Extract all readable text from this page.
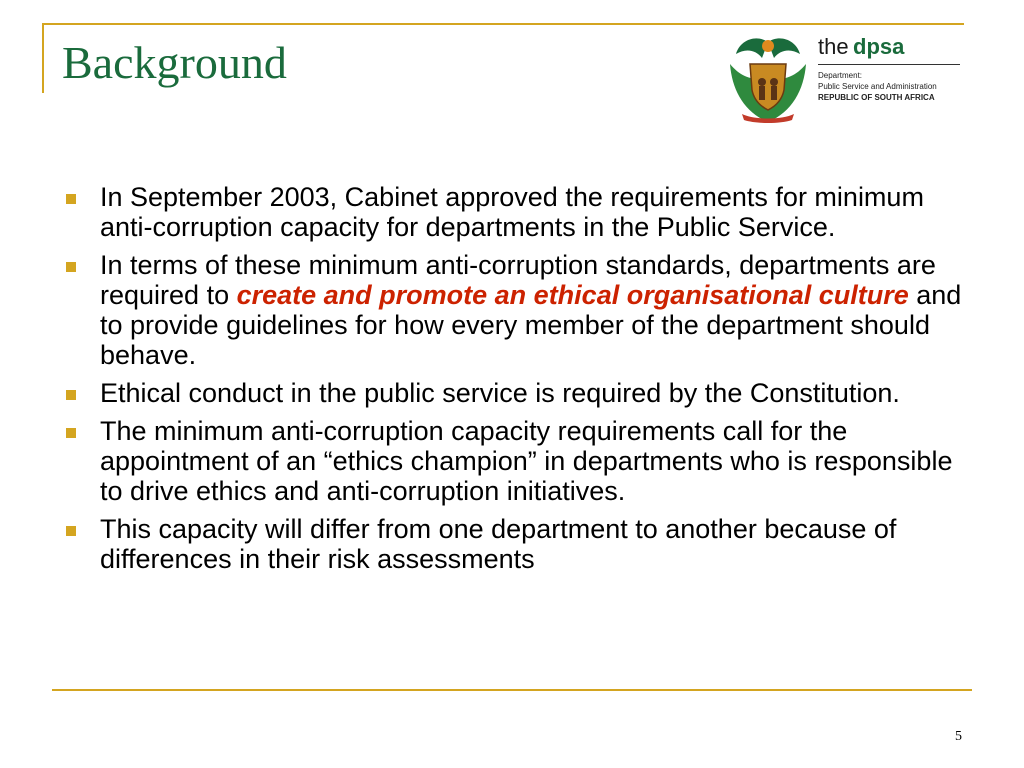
Background	the dpsa
Department:
Public Service and Administration
REPUBLIC OF SOUTH AFRICA
In September 2003, Cabinet approved the requirements for minimum anti-corruption capacity for departments in the Public Service.
In terms of these minimum anti-corruption standards, departments are required to create and promote an ethical organisational culture and to provide guidelines for how every member of the department should behave.
Ethical conduct in the public service is required by the Constitution.
The minimum anti-corruption capacity requirements call for the appointment of an “ethics champion” in departments who is responsible to drive ethics and anti-corruption initiatives.
This capacity will differ from one department to another because of differences in their risk assessments
5
